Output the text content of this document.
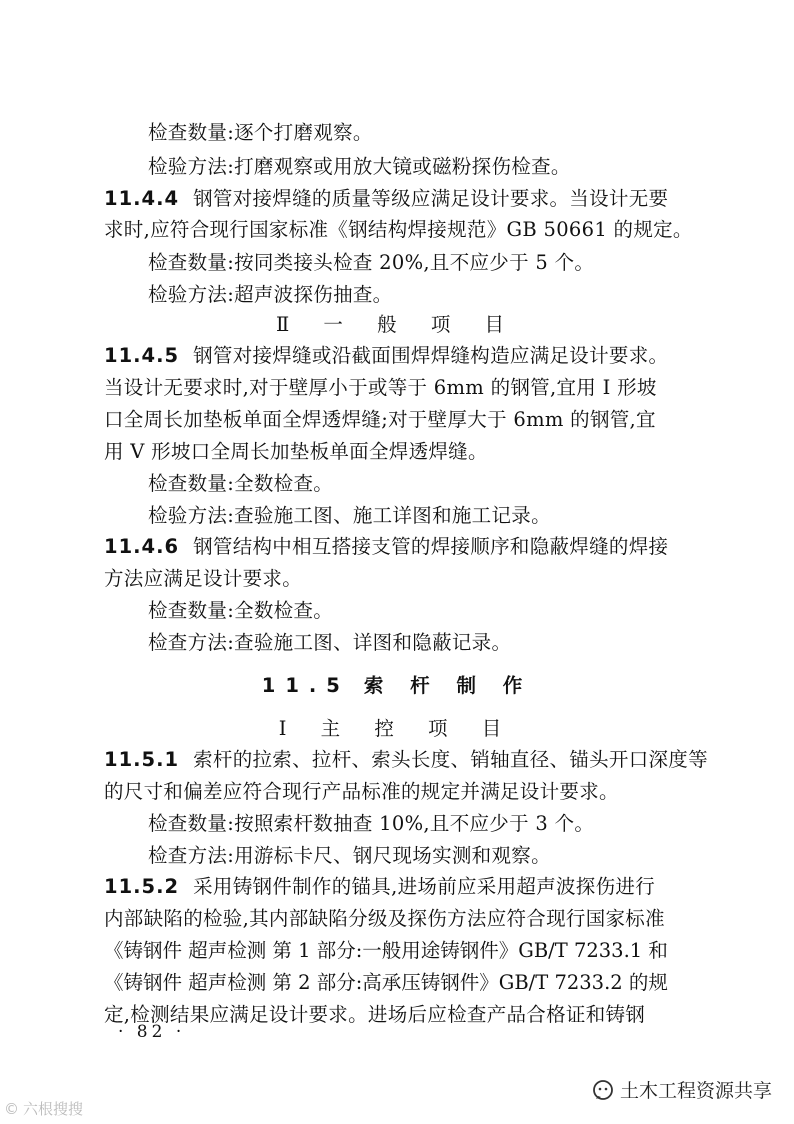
检查数量:逐个打磨观察。
检验方法:打磨观察或用放大镜或磁粉探伤检查。
11.4.4 钢管对接焊缝的质量等级应满足设计要求。当设计无要
求时,应符合现行国家标准《钢结构焊接规范》GB 50661 的规定。
检查数量:按同类接头检查 20%,且不应少于 5 个。
检验方法:超声波探伤抽查。
Ⅱ 一 般 项 目
11.4.5 钢管对接焊缝或沿截面围焊焊缝构造应满足设计要求。
当设计无要求时,对于壁厚小于或等于 6mm 的钢管,宜用 I 形坡
口全周长加垫板单面全焊透焊缝;对于壁厚大于 6mm 的钢管,宜
用 V 形坡口全周长加垫板单面全焊透焊缝。
检查数量:全数检查。
检验方法:查验施工图、施工详图和施工记录。
11.4.6 钢管结构中相互搭接支管的焊接顺序和隐蔽焊缝的焊接
方法应满足设计要求。
检查数量:全数检查。
检查方法:查验施工图、详图和隐蔽记录。
11.5 索 杆 制 作
Ⅰ 主 控 项 目
11.5.1 索杆的拉索、拉杆、索头长度、销轴直径、锚头开口深度等
的尺寸和偏差应符合现行产品标准的规定并满足设计要求。
检查数量:按照索杆数抽查 10%,且不应少于 3 个。
检查方法:用游标卡尺、钢尺现场实测和观察。
11.5.2 采用铸钢件制作的锚具,进场前应采用超声波探伤进行
内部缺陷的检验,其内部缺陷分级及探伤方法应符合现行国家标准
《铸钢件 超声检测 第 1 部分:一般用途铸钢件》GB/T 7233.1 和
《铸钢件 超声检测 第 2 部分:高承压铸钢件》GB/T 7233.2 的规
定,检测结果应满足设计要求。进场后应检查产品合格证和铸钢
· 82 ·
土木工程资源共享
© 六根搜搜
